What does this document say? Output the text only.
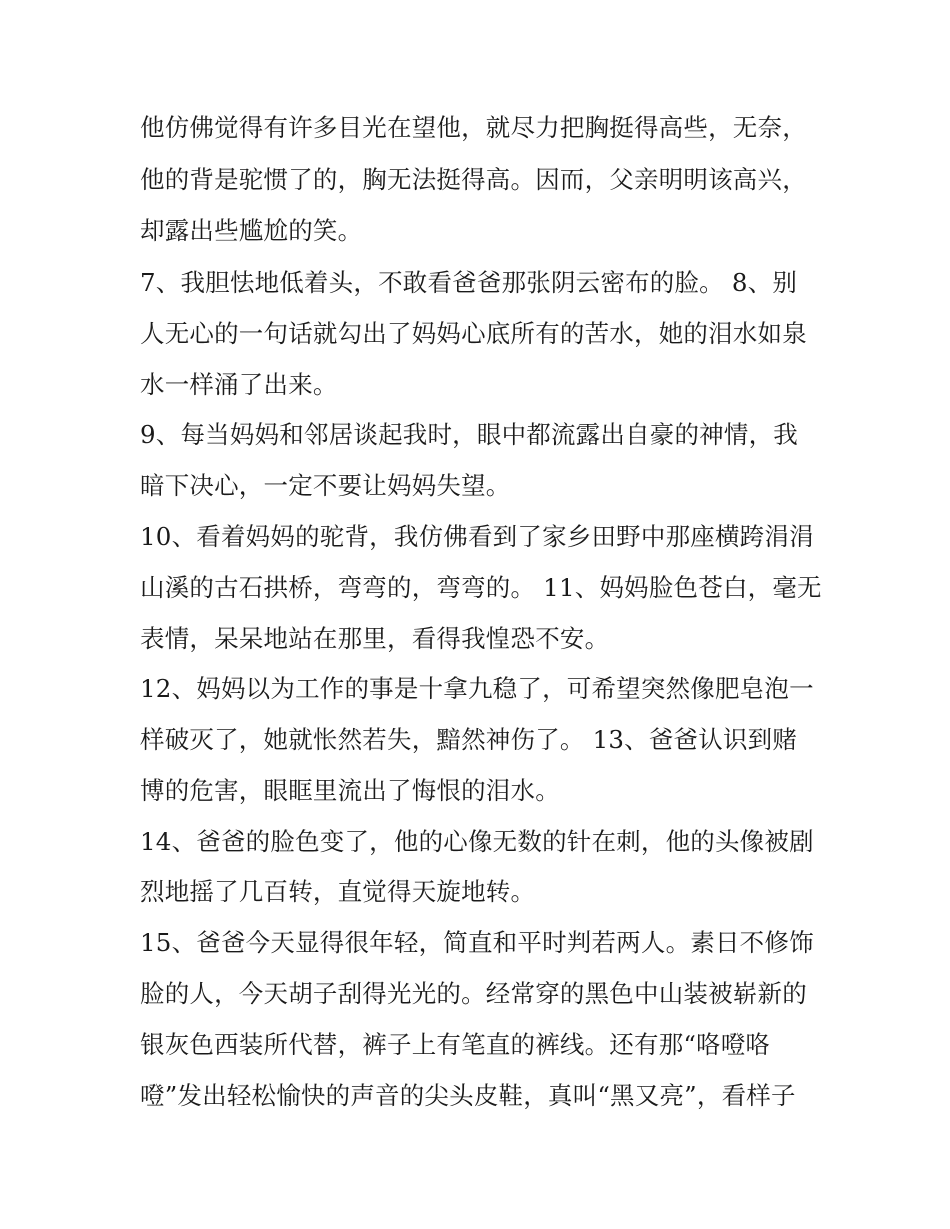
他仿佛觉得有许多目光在望他，就尽力把胸挺得高些，无奈，
他的背是驼惯了的，胸无法挺得高。因而，父亲明明该高兴，
却露出些尴尬的笑。
7、我胆怯地低着头，不敢看爸爸那张阴云密布的脸。 8、别
人无心的一句话就勾出了妈妈心底所有的苦水，她的泪水如泉
水一样涌了出来。
9、每当妈妈和邻居谈起我时，眼中都流露出自豪的神情，我
暗下决心，一定不要让妈妈失望。
10、看着妈妈的驼背，我仿佛看到了家乡田野中那座横跨涓涓
山溪的古石拱桥，弯弯的，弯弯的。 11、妈妈脸色苍白，毫无
表情，呆呆地站在那里，看得我惶恐不安。
12、妈妈以为工作的事是十拿九稳了，可希望突然像肥皂泡一
样破灭了，她就怅然若失，黯然神伤了。 13、爸爸认识到赌
博的危害，眼眶里流出了悔恨的泪水。
14、爸爸的脸色变了，他的心像无数的针在刺，他的头像被剧
烈地摇了几百转，直觉得天旋地转。
15、爸爸今天显得很年轻，简直和平时判若两人。素日不修饰
脸的人，今天胡子刮得光光的。经常穿的黑色中山装被崭新的
银灰色西装所代替，裤子上有笔直的裤线。还有那“咯噔咯
噔”发出轻松愉快的声音的尖头皮鞋，真叫“黑又亮”，看样子
